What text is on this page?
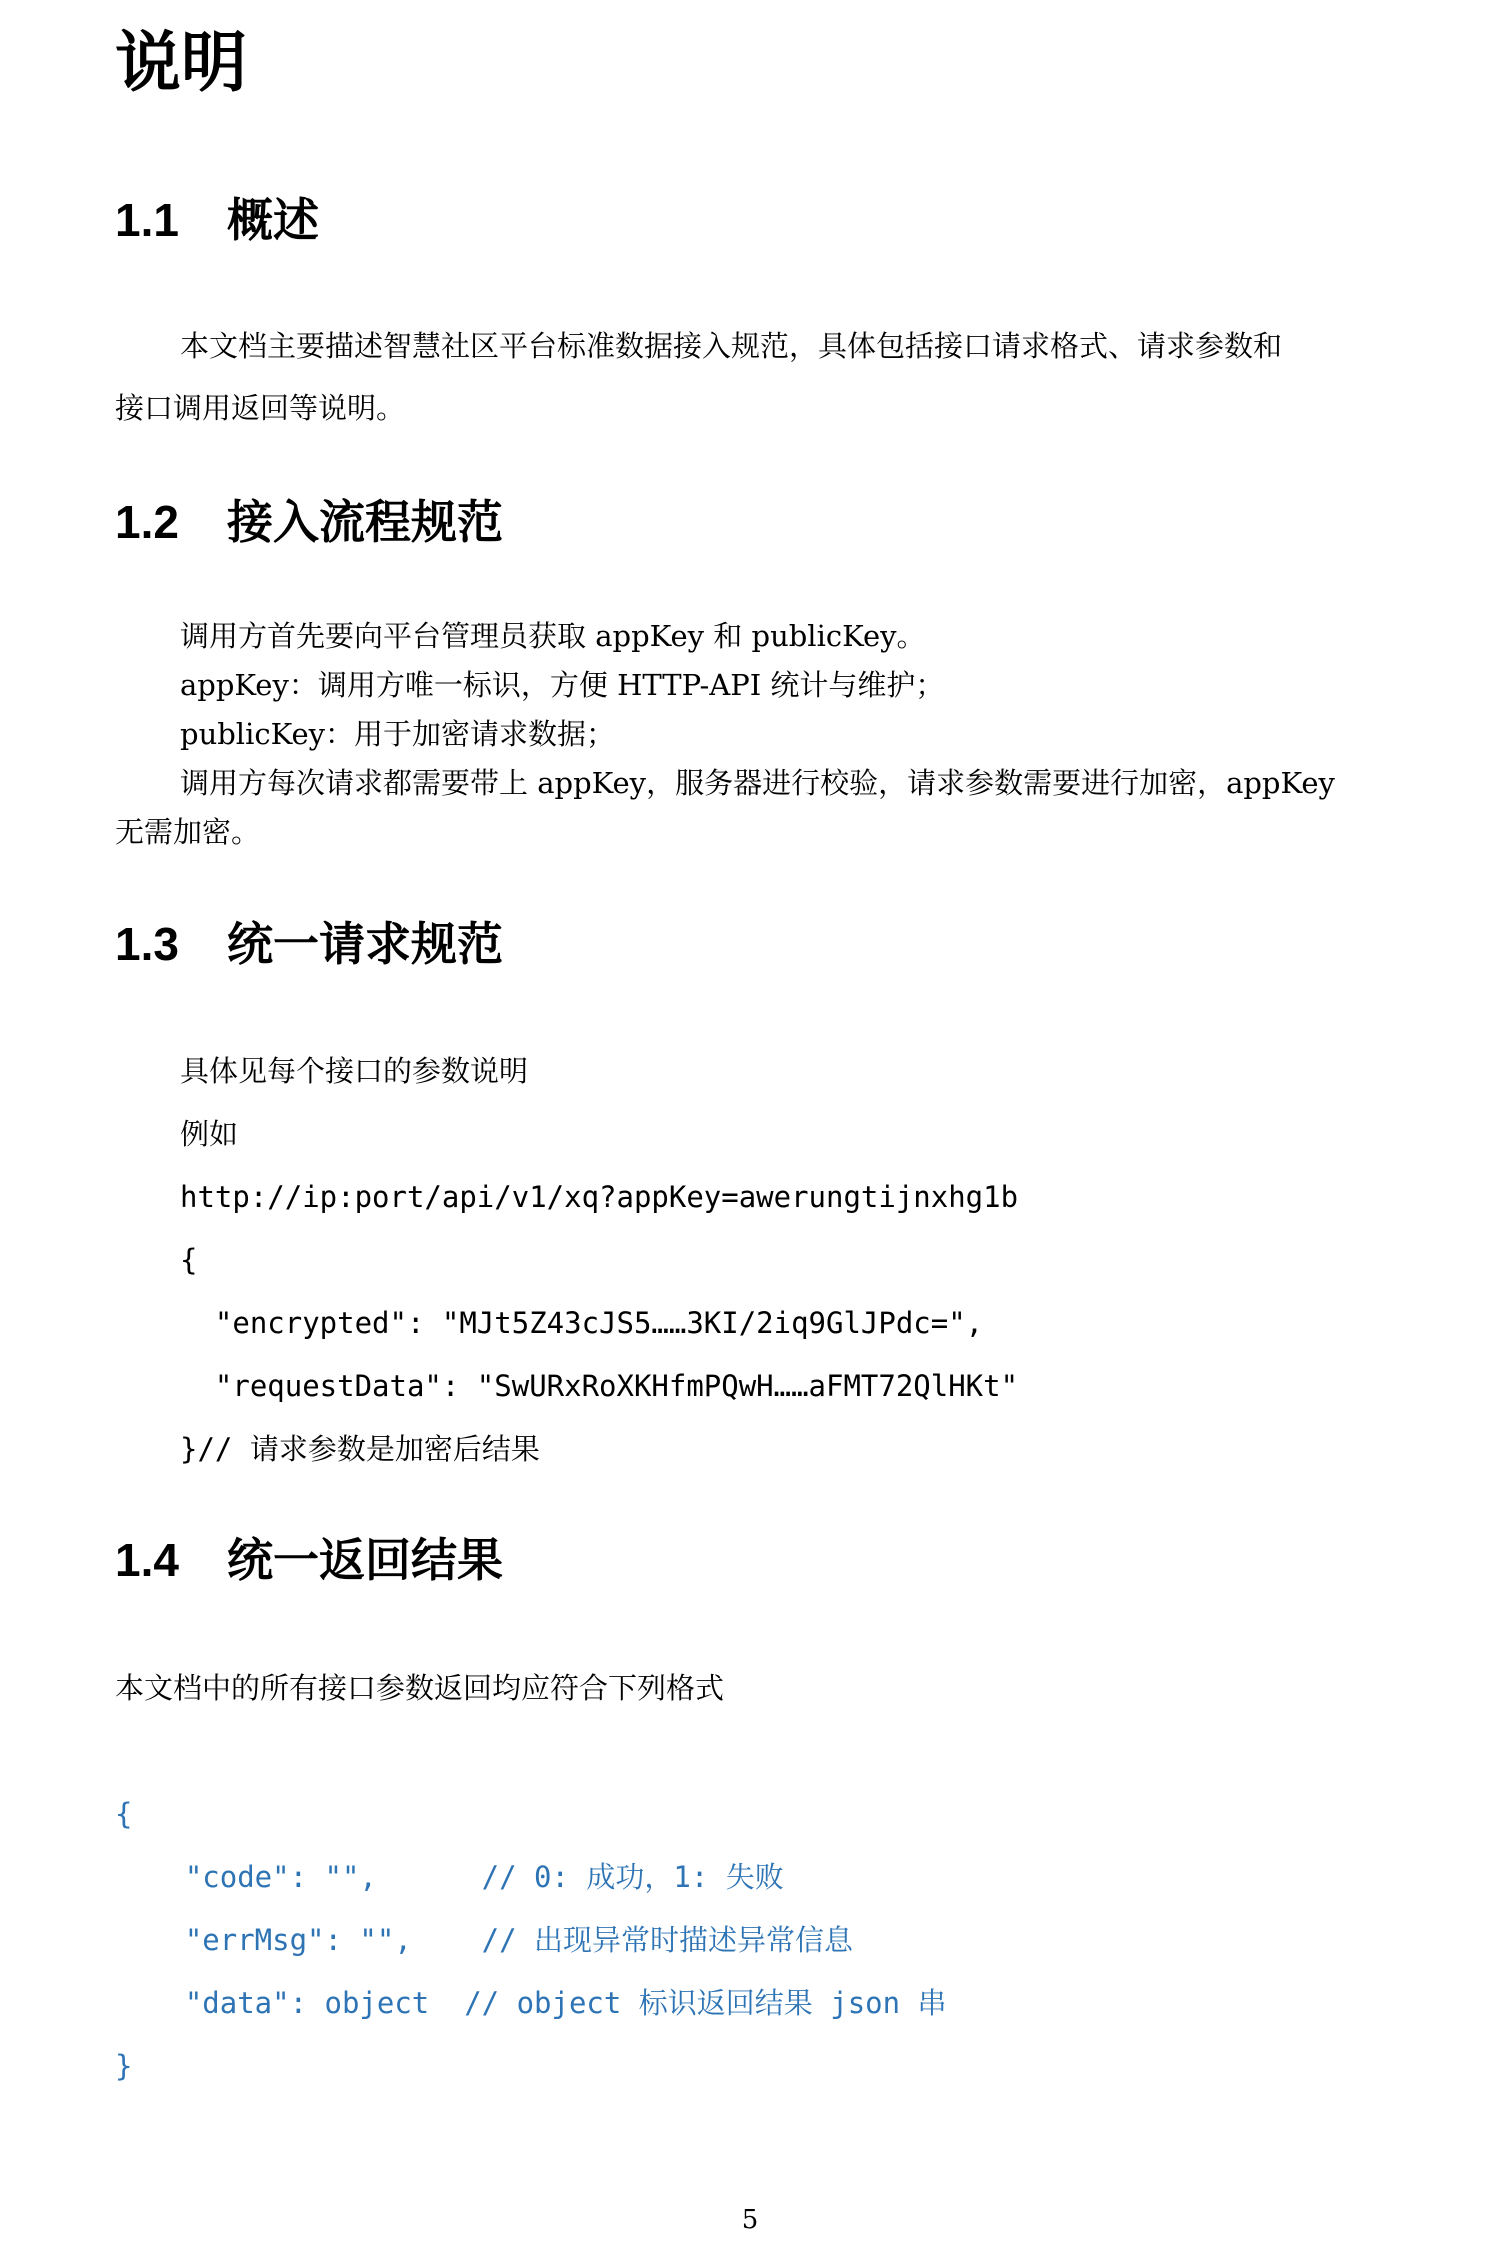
说明
1.1 概述

本文档主要描述智慧社区平台标准数据接入规范，具体包括接口请求格式、请求参数和

接口调用返回等说明。

1.2 接入流程规范

调用方首先要向平台管理员获取 appKey 和 publicKey。

appKey：调用方唯一标识，方便 HTTP-API 统计与维护；

publicKey：用于加密请求数据；

调用方每次请求都需要带上 appKey，服务器进行校验，请求参数需要进行加密，appKey

无需加密。

1.3 统一请求规范

具体见每个接口的参数说明

例如

http://ip:port/api/v1/xq?appKey=awerungtijnxhg1b

{

"encrypted": "MJt5Z43cJS5……3KI/2iq9GlJPdc=",

"requestData": "SwURxRoXKHfmPQwH……aFMT72QlHKt"

}// 请求参数是加密后结果

1.4 统一返回结果

本文档中的所有接口参数返回均应符合下列格式

{

"code": "",      // 0: 成功，1: 失败

"errMsg": "",    // 出现异常时描述异常信息

"data": object  // object 标识返回结果 json 串

}

5
